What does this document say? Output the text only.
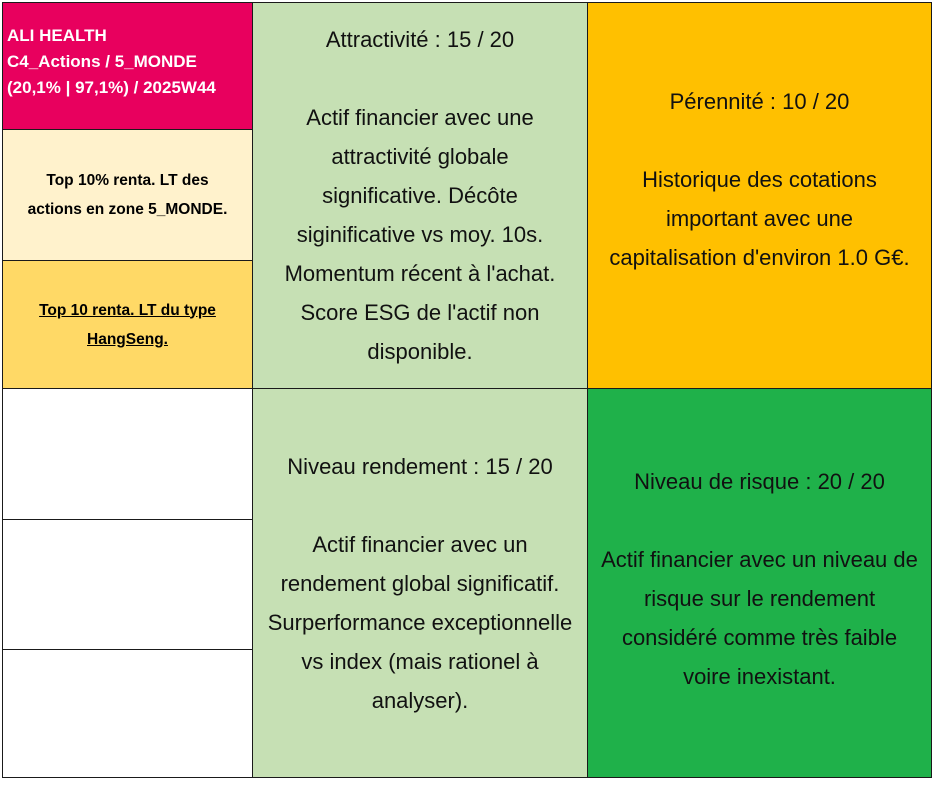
ALI HEALTH
C4_Actions / 5_MONDE
(20,1% | 97,1%) / 2025W44
Top 10% renta. LT des
actions en zone 5_MONDE.
Top 10 renta. LT du type
HangSeng.
Attractivité : 15 / 20
Actif financier avec une
attractivité globale
significative. Décôte
siginificative vs moy. 10s.
Momentum récent à l'achat.
Score ESG de l'actif non
disponible.
Niveau rendement : 15 / 20
Actif financier avec un
rendement global significatif.
Surperformance exceptionnelle
vs index (mais rationel à
analyser).
Pérennité : 10 / 20
Historique des cotations
important avec une
capitalisation d'environ 1.0 G€.
Niveau de risque : 20 / 20
Actif financier avec un niveau de
risque sur le rendement
considéré comme très faible
voire inexistant.
